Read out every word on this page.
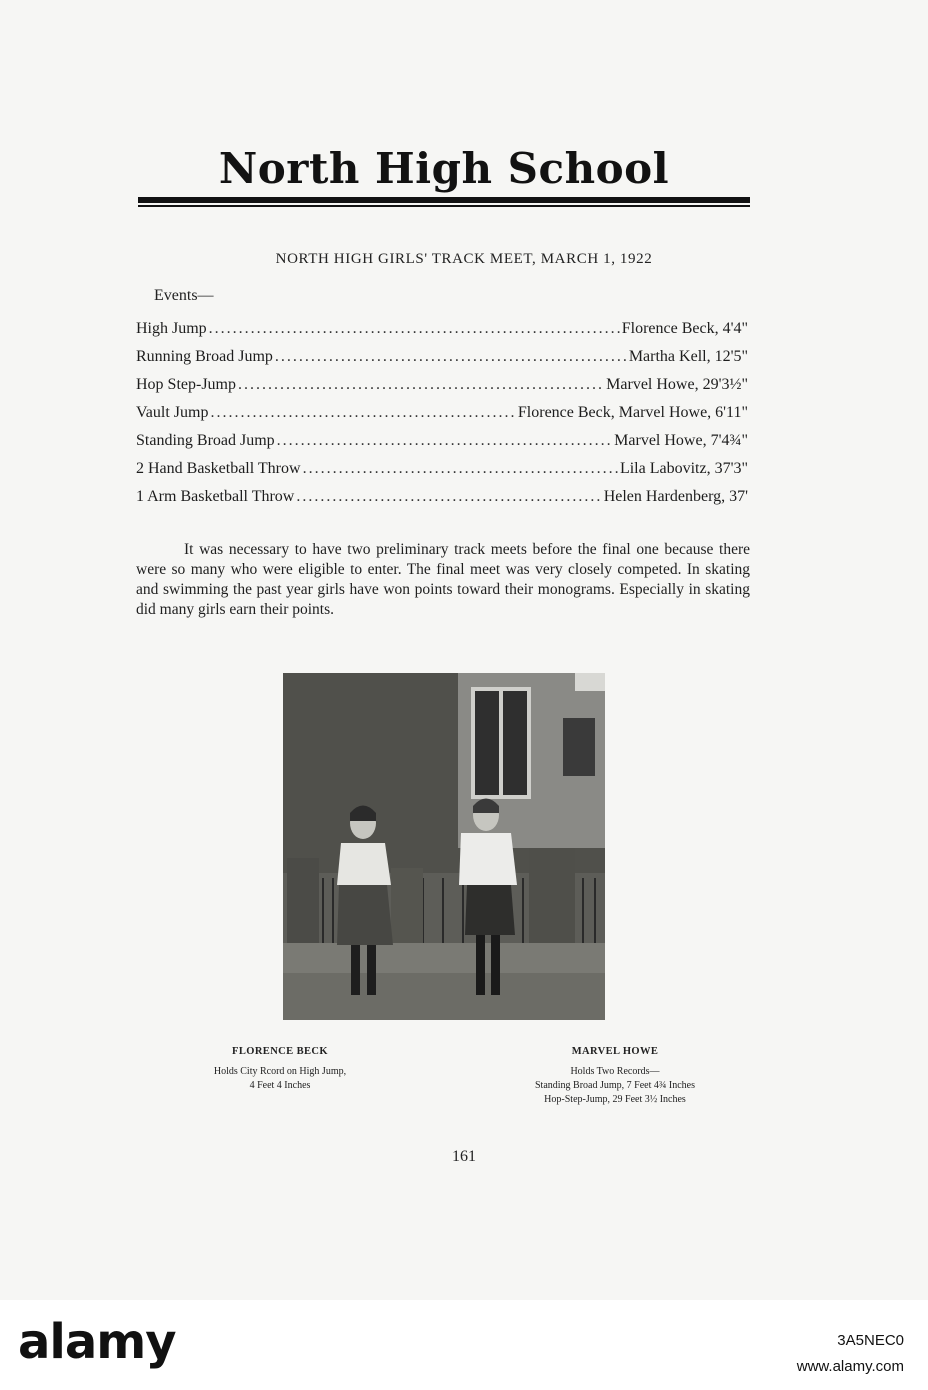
North High School
NORTH HIGH GIRLS' TRACK MEET, MARCH 1, 1922
Events—
High Jump .....	Florence Beck, 4'4"
Running Broad Jump .....	Martha Kell, 12'5"
Hop Step-Jump .....	Marvel Howe, 29'3½"
Vault Jump .....	Florence Beck, Marvel Howe, 6'11"
Standing Broad Jump .....	Marvel Howe, 7'4¾"
2 Hand Basketball Throw .....	Lila Labovitz, 37'3"
1 Arm Basketball Throw .....	Helen Hardenberg, 37'
It was necessary to have two preliminary track meets before the final one because there were so many who were eligible to enter. The final meet was very closely competed. In skating and swimming the past year girls have won points toward their monograms. Especially in skating did many girls earn their points.
FLORENCE BECK
Holds City Rcord on High Jump,
4 Feet 4 Inches
MARVEL HOWE
Holds Two Records—
Standing Broad Jump, 7 Feet 4¾ Inches
Hop-Step-Jump, 29 Feet 3½ Inches
161
alamy	3A5NEC0
www.alamy.com
